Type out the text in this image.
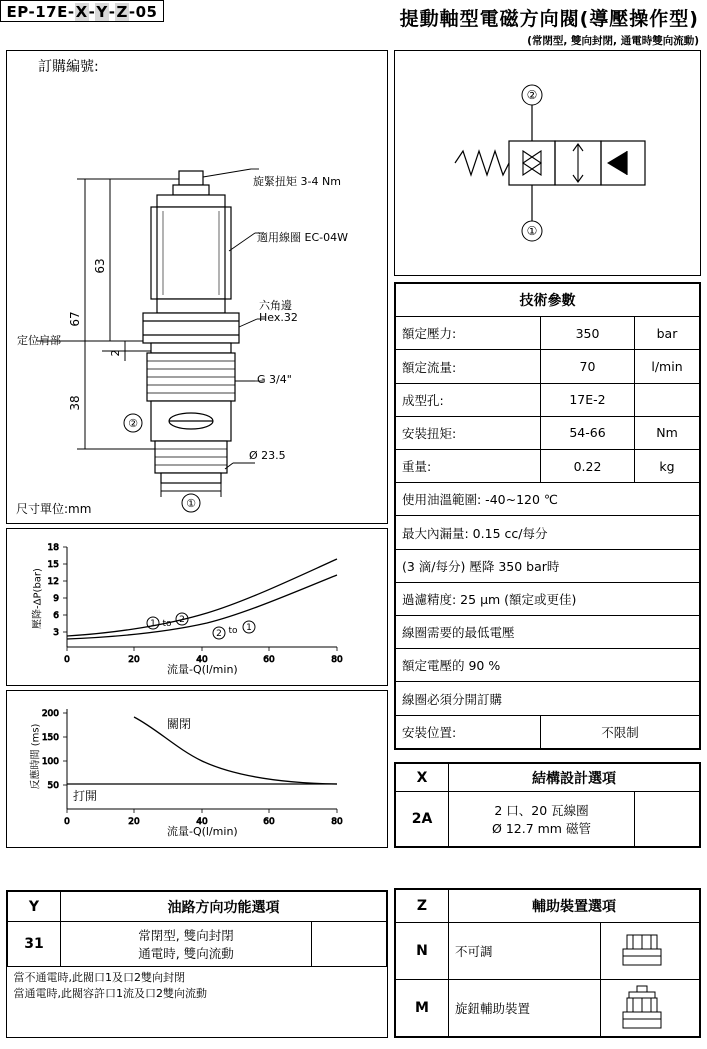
提動軸型電磁方向閥(導壓操作型)
(常閉型, 雙向封閉, 通電時雙向流動)
②
①
67
63
38
2
旋緊扭矩 3-4 Nm
適用線圈 EC-04W
六角邊
Hex.32
G 3/4"
Ø 23.5
定位肩部
訂購編號:
EP-17E-X-Y-Z-05
尺寸單位:mm
18
15
12
9
6
3
0	20	40	60	80
1 to 2
2 to 1
流量-Q(l/min)
壓降-ΔP(bar)
200
150
100
50
0	20	40	60	80
關閉
打開
流量-Q(l/min)
反應時間 (ms)
Y	油路方向功能選項	
31	常閉型, 雙向封閉
通電時, 雙向流動	

當不通電時,此閥口1及口2雙向封閉
當通電時,此閥容許口1流及口2雙向流動		
②
①
技術參數		
額定壓力:	350	bar
額定流量:	70	l/min
成型孔:	17E-2	
安裝扭矩:	54-66	Nm
重量:	0.22	kg
使用油溫範圍: -40~120 ℃		
最大內漏量: 0.15 cc/每分		
(3 滴/每分) 壓降 350 bar時		
過濾精度: 25 μm (額定或更佳)		
線圈需要的最低電壓		
額定電壓的 90 %		
線圈必須分開訂購		
安裝位置:	不限制	
X	結構設計選項	
2A	2 口、20 瓦線圈
Ø 12.7 mm 磁管	

Z	輔助裝置選項	
N	不可調	

M	旋鈕輔助裝置	
